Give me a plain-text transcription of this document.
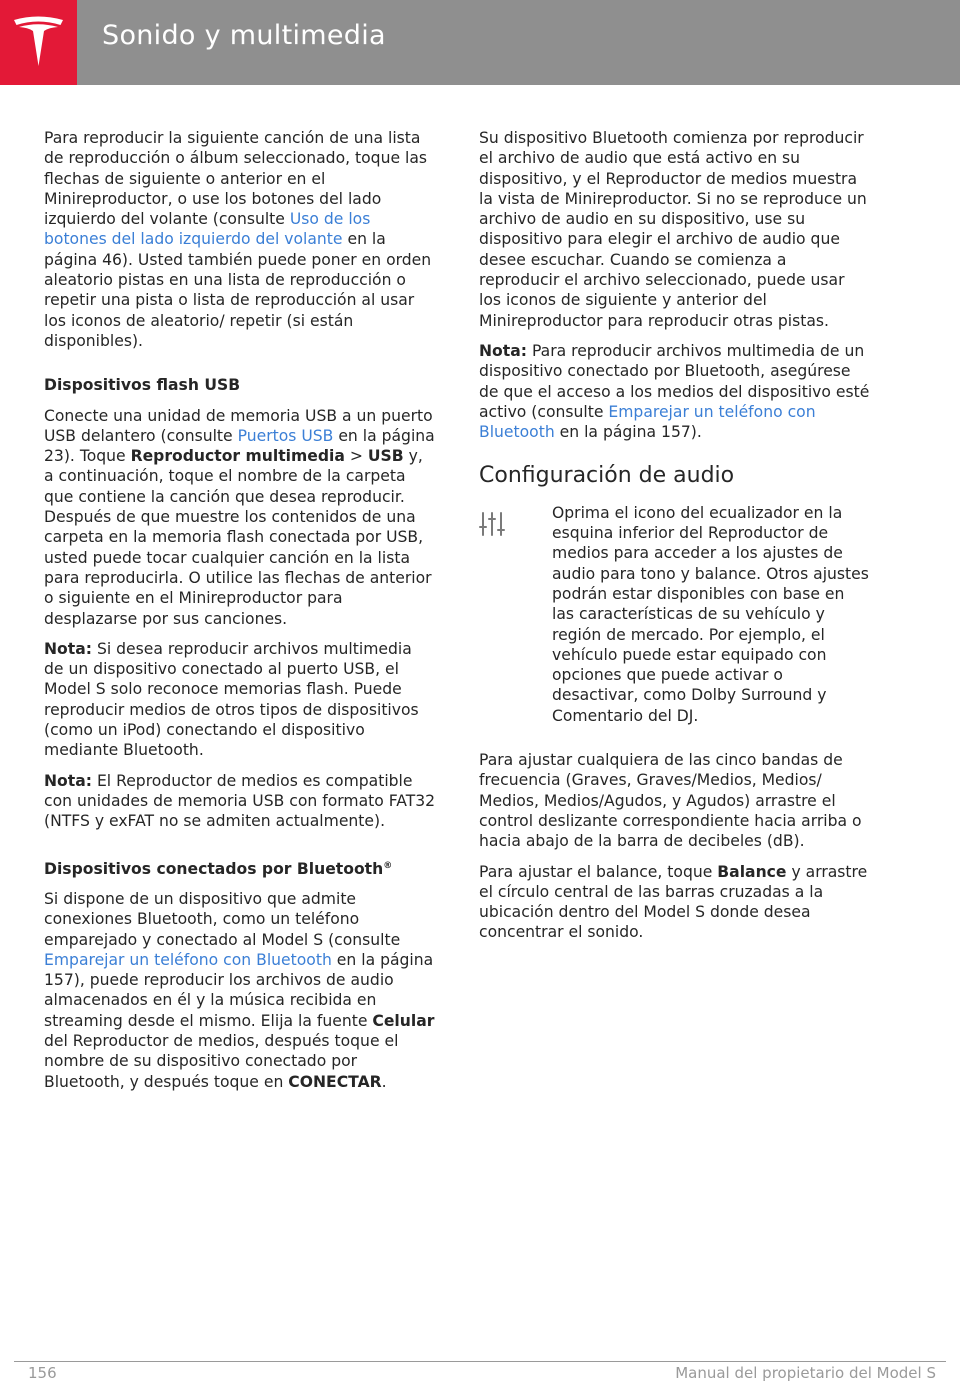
Sonido y multimedia

Para reproducir la siguiente canción de una lista de reproducción o álbum seleccionado, toque las flechas de siguiente o anterior en el Minireproductor, o use los botones del lado izquierdo del volante (consulte Uso de los botones del lado izquierdo del volante en la página 46). Usted también puede poner en orden aleatorio pistas en una lista de reproducción o repetir una pista o lista de reproducción al usar los iconos de aleatorio/ repetir (si están disponibles).

Dispositivos flash USB

Conecte una unidad de memoria USB a un puerto USB delantero (consulte Puertos USB en la página 23). Toque Reproductor multimedia > USB y, a continuación, toque el nombre de la carpeta que contiene la canción que desea reproducir. Después de que muestre los contenidos de una carpeta en la memoria flash conectada por USB, usted puede tocar cualquier canción en la lista para reproducirla. O utilice las flechas de anterior o siguiente en el Minireproductor para desplazarse por sus canciones.

Nota: Si desea reproducir archivos multimedia de un dispositivo conectado al puerto USB, el Model S solo reconoce memorias flash. Puede reproducir medios de otros tipos de dispositivos (como un iPod) conectando el dispositivo mediante Bluetooth.

Nota: El Reproductor de medios es compatible con unidades de memoria USB con formato FAT32 (NTFS y exFAT no se admiten actualmente).

Dispositivos conectados por Bluetooth®

Si dispone de un dispositivo que admite conexiones Bluetooth, como un teléfono emparejado y conectado al Model S (consulte Emparejar un teléfono con Bluetooth en la página 157), puede reproducir los archivos de audio almacenados en él y la música recibida en streaming desde el mismo. Elija la fuente Celular del Reproductor de medios, después toque el nombre de su dispositivo conectado por Bluetooth, y después toque en CONECTAR.

Su dispositivo Bluetooth comienza por reproducir el archivo de audio que está activo en su dispositivo, y el Reproductor de medios muestra la vista de Minireproductor. Si no se reproduce un archivo de audio en su dispositivo, use su dispositivo para elegir el archivo de audio que desee escuchar. Cuando se comienza a reproducir el archivo seleccionado, puede usar los iconos de siguiente y anterior del Minireproductor para reproducir otras pistas.

Nota: Para reproducir archivos multimedia de un dispositivo conectado por Bluetooth, asegúrese de que el acceso a los medios del dispositivo esté activo (consulte Emparejar un teléfono con Bluetooth en la página 157).

Configuración de audio

Oprima el icono del ecualizador en la esquina inferior del Reproductor de medios para acceder a los ajustes de audio para tono y balance. Otros ajustes podrán estar disponibles con base en las características de su vehículo y región de mercado. Por ejemplo, el vehículo puede estar equipado con opciones que puede activar o desactivar, como Dolby Surround y Comentario del DJ.

Para ajustar cualquiera de las cinco bandas de frecuencia (Graves, Graves/Medios, Medios/ Medios, Medios/Agudos, y Agudos) arrastre el control deslizante correspondiente hacia arriba o hacia abajo de la barra de decibeles (dB).

Para ajustar el balance, toque Balance y arrastre el círculo central de las barras cruzadas a la ubicación dentro del Model S donde desea concentrar el sonido.

156	Manual del propietario del Model S
